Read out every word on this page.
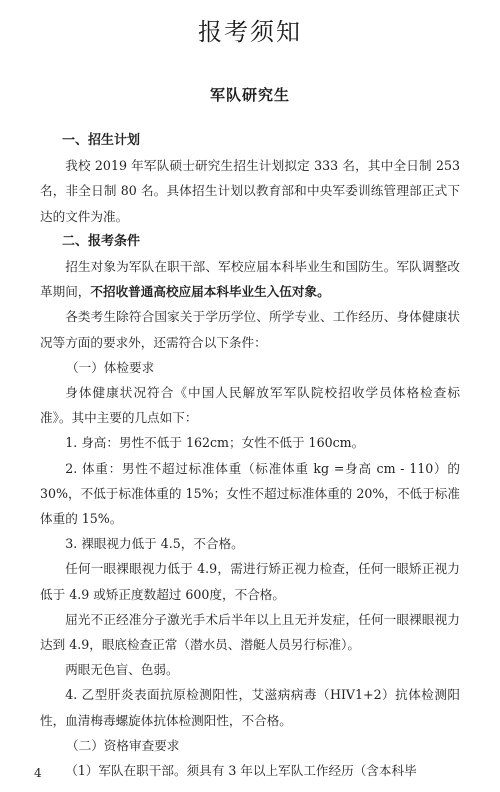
报考须知
军队研究生

一、招生计划

我校 2019 年军队硕士研究生招生计划拟定 333 名，其中全日制 253 名，非全日制 80 名。具体招生计划以教育部和中央军委训练管理部正式下达的文件为准。

二、报考条件

招生对象为军队在职干部、军校应届本科毕业生和国防生。军队调整改革期间，不招收普通高校应届本科毕业生入伍对象。

各类考生除符合国家关于学历学位、所学专业、工作经历、身体健康状况等方面的要求外，还需符合以下条件：

（一）体检要求

身体健康状况符合《中国人民解放军军队院校招收学员体格检查标准》。其中主要的几点如下：

1. 身高：男性不低于 162cm；女性不低于 160cm。

2. 体重：男性不超过标准体重（标准体重 kg =身高 cm - 110）的 30%，不低于标准体重的 15%；女性不超过标准体重的 20%，不低于标准体重的 15%。

3. 裸眼视力低于 4.5，不合格。

任何一眼裸眼视力低于 4.9，需进行矫正视力检查，任何一眼矫正视力低于 4.9 或矫正度数超过 600度，不合格。

屈光不正经准分子激光手术后半年以上且无并发症，任何一眼裸眼视力达到 4.9，眼底检查正常（潜水员、潜艇人员另行标准）。

两眼无色盲、色弱。

4. 乙型肝炎表面抗原检测阳性，艾滋病病毒（HIV1+2）抗体检测阳性，血清梅毒螺旋体抗体检测阳性，不合格。

（二）资格审查要求

（1）军队在职干部。须具有 3 年以上军队工作经历（含本科毕

4
